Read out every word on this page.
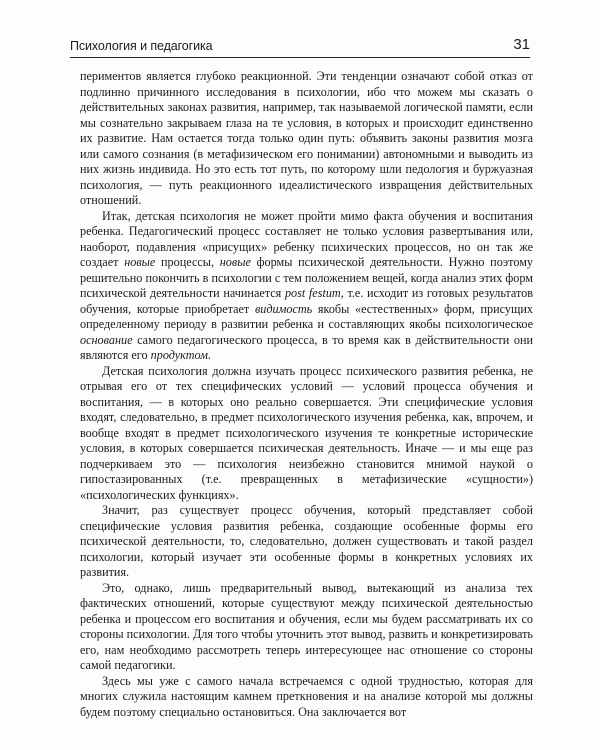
Психология и педагогика	31

периментов является глубоко реакционной. Эти тенденции означают собой отказ от подлинно причинного исследования в психологии, ибо что можем мы сказать о действительных законах развития, например, так называемой логической памяти, если мы сознательно закрываем глаза на те условия, в которых и происходит единственно их развитие. Нам остается тогда только один путь: объявить законы развития мозга или самого сознания (в метафизическом его понимании) автономными и выводить из них жизнь индивида. Но это есть тот путь, по которому шли педология и буржуазная психология, — путь реакционного идеалистического извращения действительных отношений.

Итак, детская психология не может пройти мимо факта обучения и воспитания ребенка. Педагогический процесс составляет не только условия развертывания или, наоборот, подавления «присущих» ребенку психических процессов, но он так же создает новые процессы, новые формы психической деятельности. Нужно поэтому решительно покончить в психологии с тем положением вещей, когда анализ этих форм психической деятельности начинается post festum, т.е. исходит из готовых результатов обучения, которые приобретает видимость якобы «естественных» форм, присущих определенному периоду в развитии ребенка и составляющих якобы психологическое основание самого педагогического процесса, в то время как в действительности они являются его продуктом.

Детская психология должна изучать процесс психического развития ребенка, не отрывая его от тех специфических условий — условий процесса обучения и воспитания, — в которых оно реально совершается. Эти специфические условия входят, следовательно, в предмет психологического изучения ребенка, как, впрочем, и вообще входят в предмет психологического изучения те конкретные исторические условия, в которых совершается психическая деятельность. Иначе — и мы еще раз подчеркиваем это — психология неизбежно становится мнимой наукой о гипостазированных (т.е. превращенных в метафизические «сущности») «психологических функциях».

Значит, раз существует процесс обучения, который представляет собой специфические условия развития ребенка, создающие особенные формы его психической деятельности, то, следовательно, должен существовать и такой раздел психологии, который изучает эти особенные формы в конкретных условиях их развития.

Это, однако, лишь предварительный вывод, вытекающий из анализа тех фактических отношений, которые существуют между психической деятельностью ребенка и процессом его воспитания и обучения, если мы будем рассматривать их со стороны психологии. Для того чтобы уточнить этот вывод, развить и конкретизировать его, нам необходимо рассмотреть теперь интересующее нас отношение со стороны самой педагогики.

Здесь мы уже с самого начала встречаемся с одной трудностью, которая для многих служила настоящим камнем преткновения и на анализе которой мы должны будем поэтому специально остановиться. Она заключается вот
